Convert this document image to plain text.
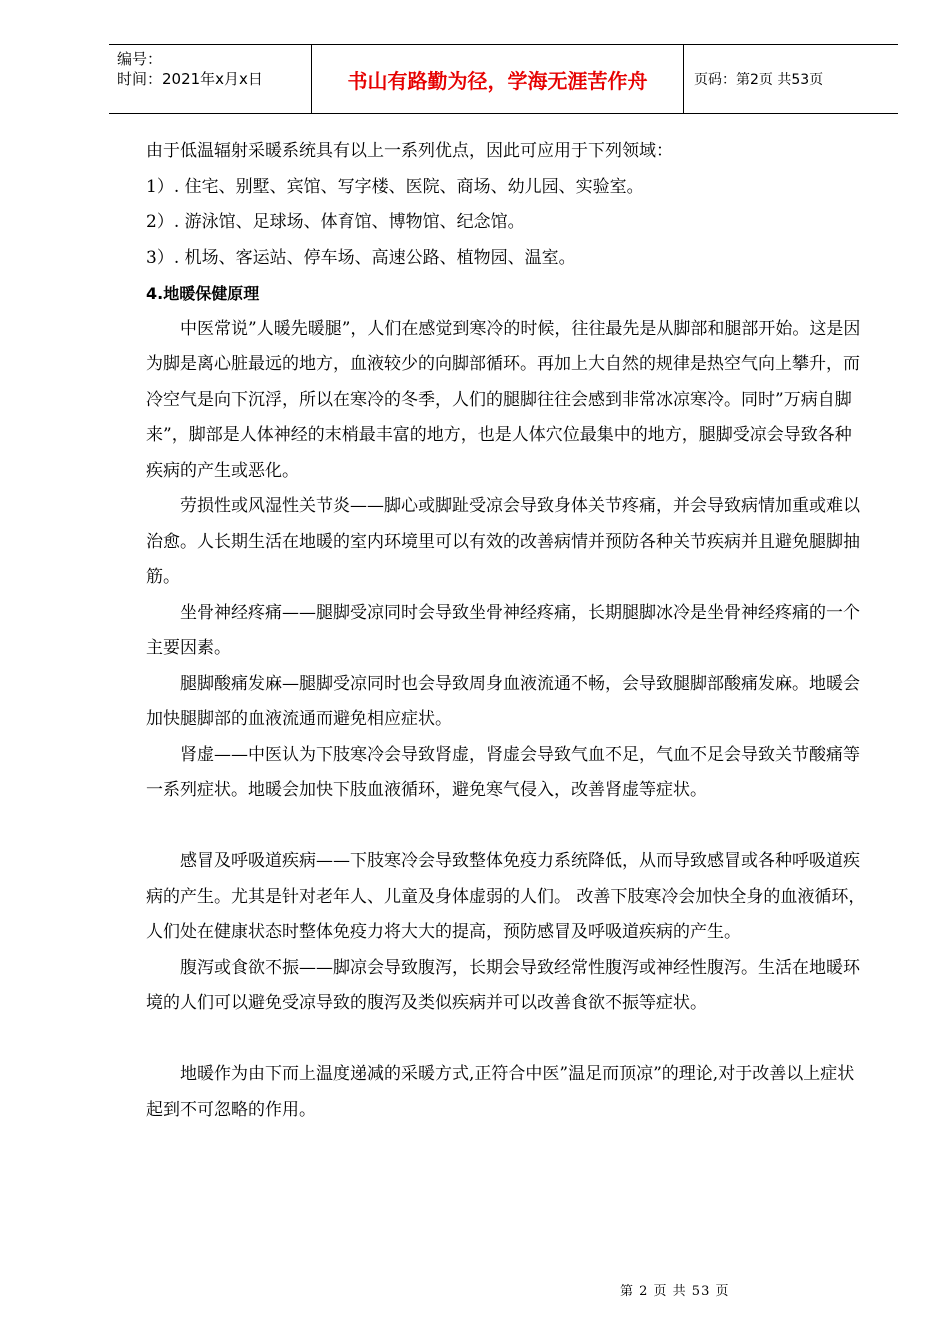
编号：
时间：2021年x月x日	书山有路勤为径，学海无涯苦作舟	页码：第2页 共53页

由于低温辐射采暖系统具有以上一系列优点，因此可应用于下列领域：

1）. 住宅、别墅、宾馆、写字楼、医院、商场、幼儿园、实验室。

2）. 游泳馆、足球场、体育馆、博物馆、纪念馆。

3）. 机场、客运站、停车场、高速公路、植物园、温室。

4.地暖保健原理

中医常说”人暖先暖腿”，人们在感觉到寒冷的时候，往往最先是从脚部和腿部开始。这是因为脚是离心脏最远的地方，血液较少的向脚部循环。再加上大自然的规律是热空气向上攀升，而冷空气是向下沉浮，所以在寒冷的冬季，人们的腿脚往往会感到非常冰凉寒冷。同时”万病自脚来”，脚部是人体神经的末梢最丰富的地方，也是人体穴位最集中的地方，腿脚受凉会导致各种疾病的产生或恶化。

劳损性或风湿性关节炎——脚心或脚趾受凉会导致身体关节疼痛，并会导致病情加重或难以治愈。人长期生活在地暖的室内环境里可以有效的改善病情并预防各种关节疾病并且避免腿脚抽筋。

坐骨神经疼痛——腿脚受凉同时会导致坐骨神经疼痛，长期腿脚冰冷是坐骨神经疼痛的一个主要因素。

腿脚酸痛发麻—腿脚受凉同时也会导致周身血液流通不畅，会导致腿脚部酸痛发麻。地暖会加快腿脚部的血液流通而避免相应症状。

肾虚——中医认为下肢寒冷会导致肾虚，肾虚会导致气血不足，气血不足会导致关节酸痛等一系列症状。地暖会加快下肢血液循环，避免寒气侵入，改善肾虚等症状。

感冒及呼吸道疾病——下肢寒冷会导致整体免疫力系统降低，从而导致感冒或各种呼吸道疾病的产生。尤其是针对老年人、儿童及身体虚弱的人们。 改善下肢寒冷会加快全身的血液循环，人们处在健康状态时整体免疫力将大大的提高，预防感冒及呼吸道疾病的产生。

腹泻或食欲不振——脚凉会导致腹泻，长期会导致经常性腹泻或神经性腹泻。生活在地暖环境的人们可以避免受凉导致的腹泻及类似疾病并可以改善食欲不振等症状。

地暖作为由下而上温度递减的采暖方式,正符合中医”温足而顶凉”的理论,对于改善以上症状起到不可忽略的作用。

第 2 页 共 53 页
